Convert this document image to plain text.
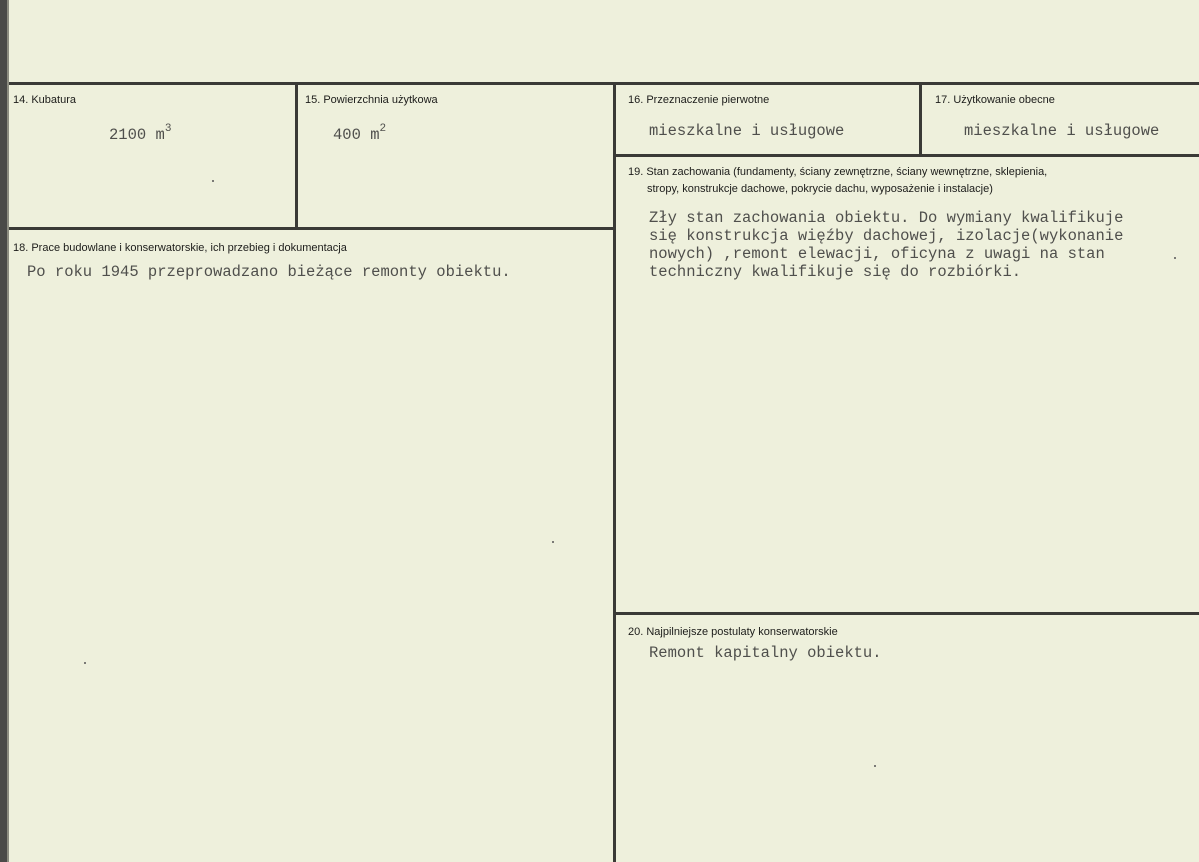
14. Kubatura
2100 $m^3$
15. Powierzchnia użytkowa
400 $m^2$
16. Przeznaczenie pierwotne
mieszkalne i usługowe
17. Użytkowanie obecne
mieszkalne i usługowe
19. Stan zachowania (fundamenty, ściany zewnętrzne, ściany wewnętrzne, sklepienia,
stropy, konstrukcje dachowe, pokrycie dachu, wyposażenie i instalacje)
Zły stan zachowania obiektu. Do wymiany kwalifikuje
się konstrukcja więźby dachowej, izolacje(wykonanie
nowych) ,remont elewacji, oficyna z uwagi na stan
techniczny kwalifikuje się do rozbiórki.
18. Prace budowlane i konserwatorskie, ich przebieg i dokumentacja
Po roku 1945 przeprowadzano bieżące remonty obiektu.
20. Najpilniejsze postulaty konserwatorskie
Remont kapitalny obiektu.
